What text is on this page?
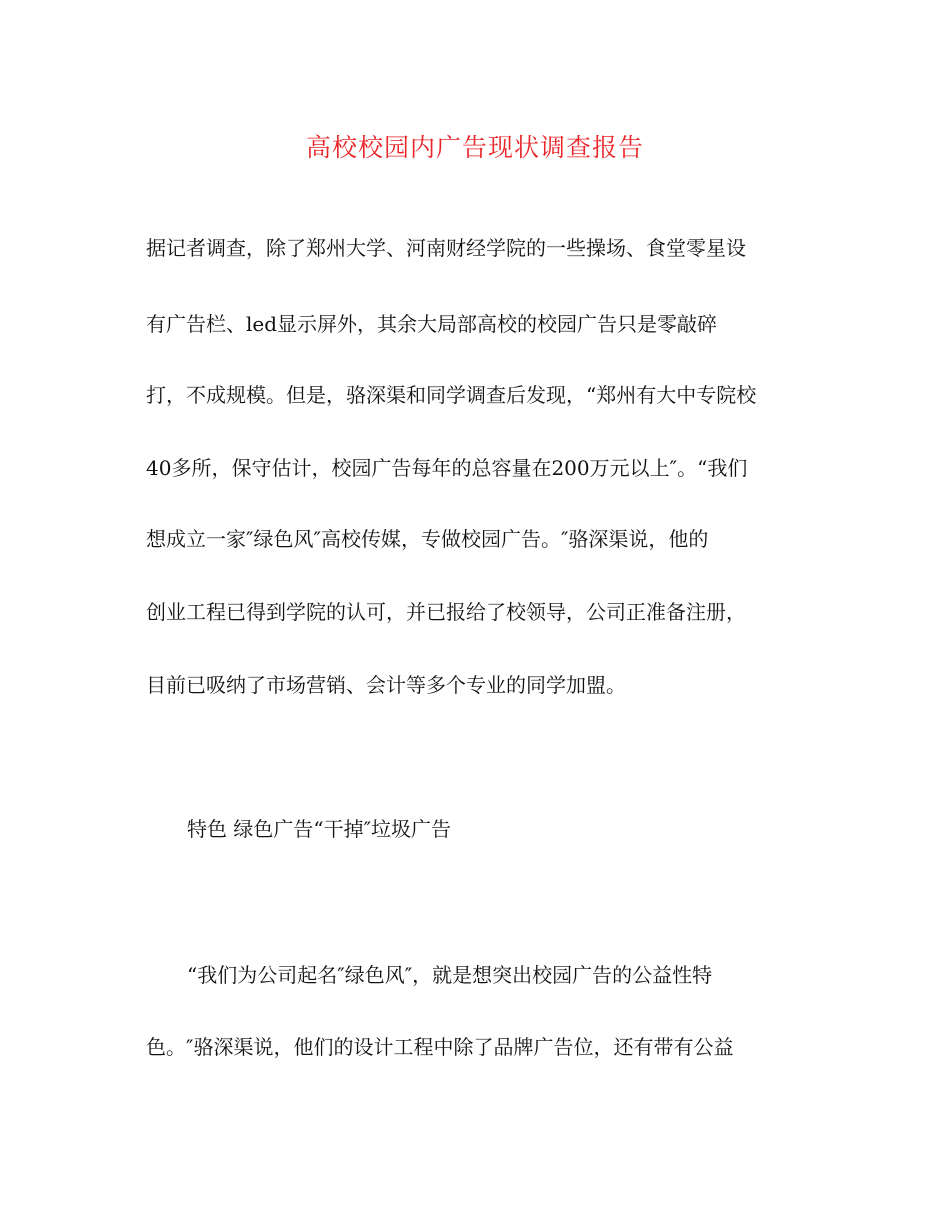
高校校园内广告现状调查报告
据记者调查，除了郑州大学、河南财经学院的一些操场、食堂零星设
有广告栏、led显示屏外，其余大局部高校的校园广告只是零敲碎
打，不成规模。但是，骆深渠和同学调查后发现，“郑州有大中专院校
40多所，保守估计，校园广告每年的总容量在200万元以上″。“我们
想成立一家″绿色风″高校传媒，专做校园广告。″骆深渠说，他的
创业工程已得到学院的认可，并已报给了校领导，公司正准备注册，
目前已吸纳了市场营销、会计等多个专业的同学加盟。
特色 绿色广告“干掉″垃圾广告
“我们为公司起名″绿色风″，就是想突出校园广告的公益性特
色。″骆深渠说，他们的设计工程中除了品牌广告位，还有带有公益
